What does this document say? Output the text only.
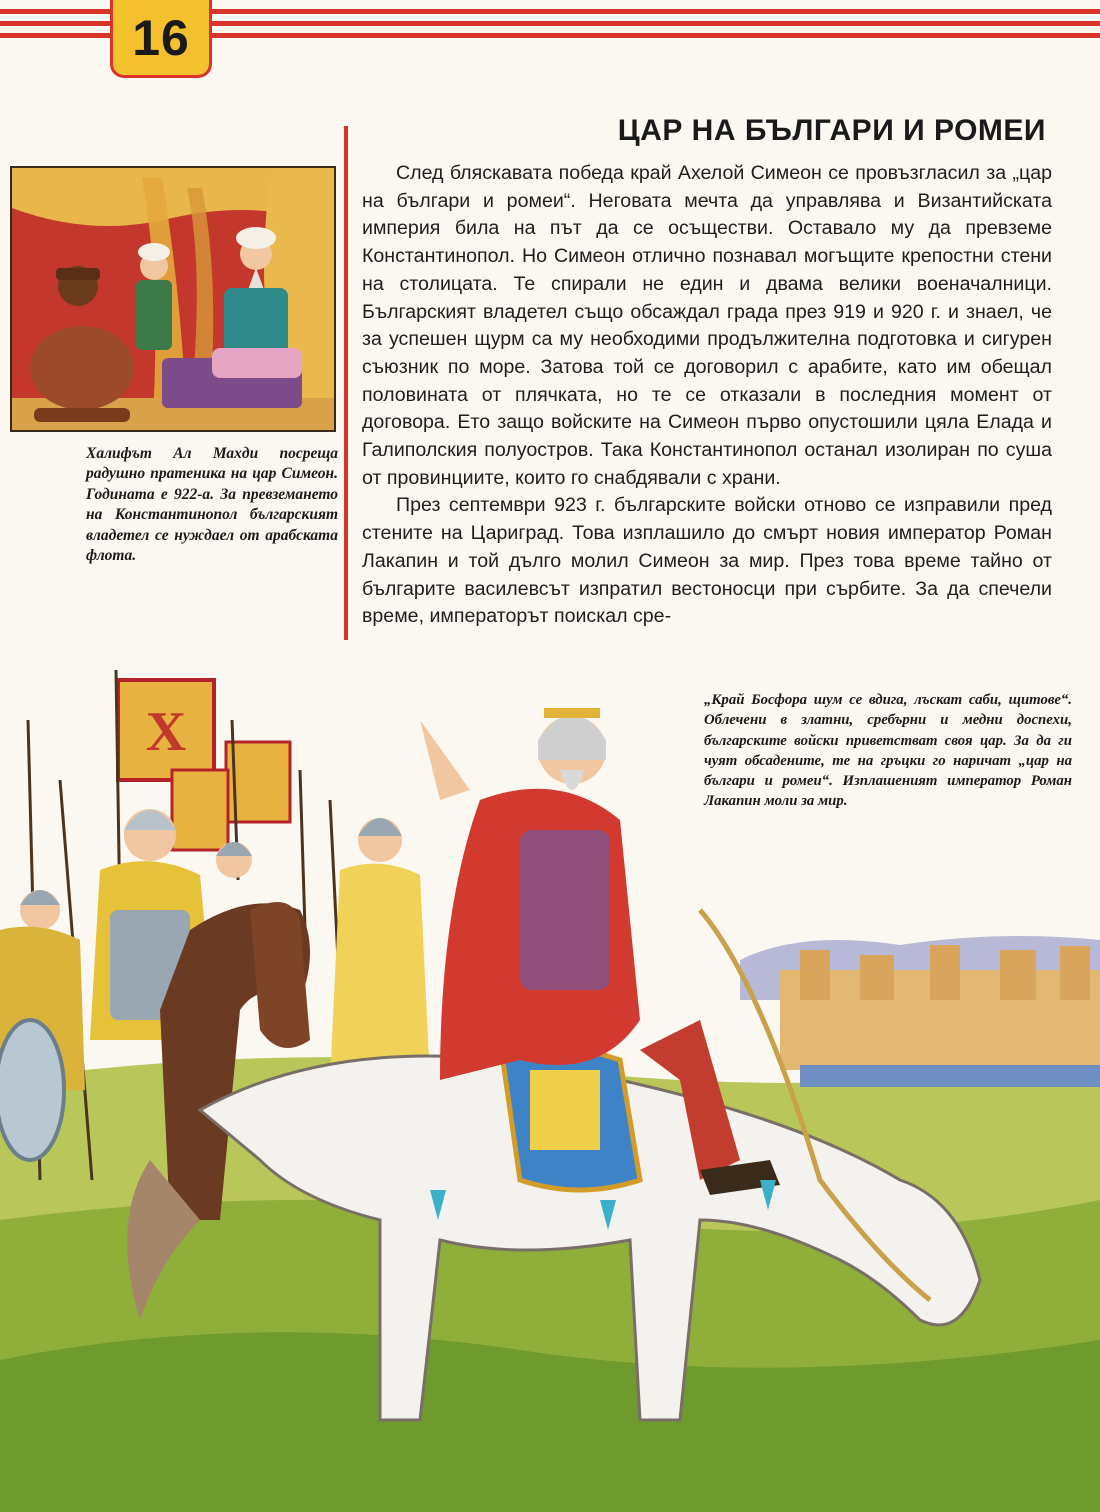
16

Халифът Ал Махди посреща радушно пратеника на цар Симеон. Годината е 922-а. За превземането на Константинопол българският владетел се нуждаел от арабската флота.

ЦАР НА БЪЛГАРИ И РОМЕИ

След бляскавата победа край Ахелой Симеон се провъзгласил за „цар на българи и ромеи“. Неговата мечта да управлява и Византийската империя била на път да се осъществи. Оставало му да превземе Константинопол. Но Симеон отлично познавал могъщите крепостни стени на столицата. Те спирали не един и двама велики военачалници. Българският владетел също обсаждал града през 919 и 920 г. и знаел, че за успешен щурм са му необходими продължителна подготовка и сигурен съюзник по море. Затова той се договорил с арабите, като им обещал половината от плячката, но те се отказали в последния момент от договора. Ето защо войските на Симеон първо опустошили цяла Елада и Галиполския полуостров. Така Константинопол останал изолиран по суша от провинциите, които го снабдявали с храни.

През септември 923 г. българските войски отново се изправили пред стените на Цариград. Това изплашило до смърт новия император Роман Лакапин и той дълго молил Симеон за мир. През това време тайно от българите василевсът изпратил вестоносци при сърбите. За да спечели време, императорът поискал сре-

Х

„Край Босфора шум се вдига, лъскат саби, щитове“. Облечени в златни, сребърни и медни доспехи, българските войски приветстват своя цар. За да ги чуят обсадените, те на гръцки го наричат „цар на българи и ромеи“. Изплашеният император Роман Лакапин моли за мир.
